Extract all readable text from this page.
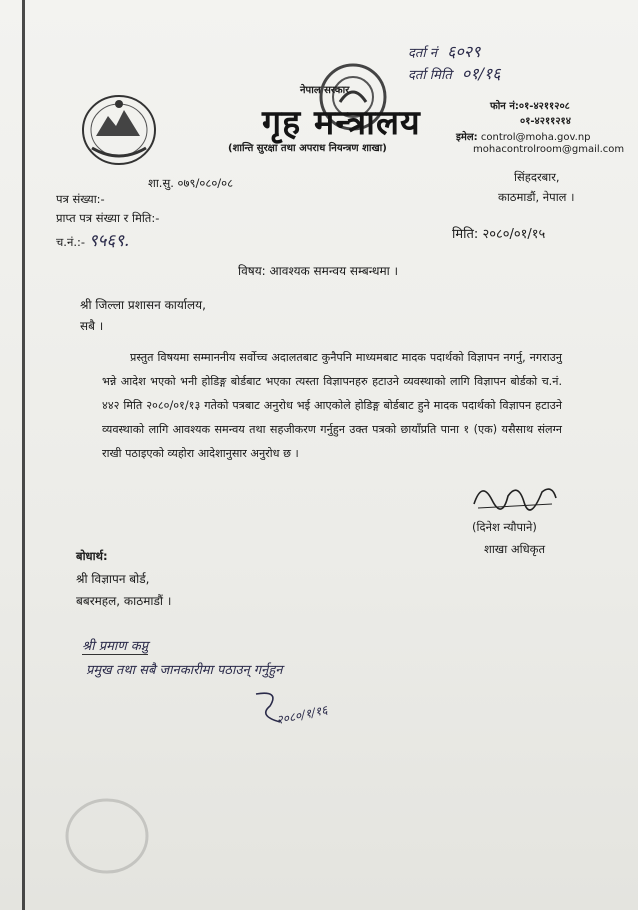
दर्ता नं ६०२९
दर्ता मिति ०१/१६
नेपाल सरकार
गृह मन्त्रालय
(शान्ति सुरक्षा तथा अपराध नियन्त्रण शाखा)
फोन नं:०१-४२११२०८
०१-४२११२१४
इमेल: control@moha.gov.np
mohacontrolroom@gmail.com
शा.सु. ०७९/०८०/०८	सिंहदरबार,
काठमाडौं, नेपाल ।
पत्र संख्या:-
प्राप्त पत्र संख्या र मिति:-
च.नं.:- ९५६९.	मिति: २०८०/०१/१५
विषय: आवश्यक समन्वय सम्बन्धमा ।
श्री जिल्ला प्रशासन कार्यालय,
सबै ।
प्रस्तुत विषयमा सम्माननीय सर्वोच्च अदालतबाट कुनैपनि माध्यमबाट मादक पदार्थको विज्ञापन नगर्नु, नगराउनु भन्ने आदेश भएको भनी होडिङ्ग बोर्डबाट भएका त्यस्ता विज्ञापनहरु हटाउने व्यवस्थाको लागि विज्ञापन बोर्डको च.नं. ४४२ मिति २०८०/०१/१३ गतेको पत्रबाट अनुरोध भई आएकोले होडिङ्ग बोर्डबाट हुने मादक पदार्थको विज्ञापन हटाउने व्यवस्थाको लागि आवश्यक समन्वय तथा सहजीकरण गर्नुहुन उक्त पत्रको छायाँप्रति पाना १ (एक) यसैसाथ संलग्न राखी पठाइएको व्यहोरा आदेशानुसार अनुरोध छ ।
(दिनेश न्यौपाने)
शाखा अधिकृत
बोधार्थ:
श्री विज्ञापन बोर्ड,
बबरमहल, काठमाडौं ।
श्री प्रमाण कप्नु
प्रमुख तथा सबै जानकारीमा पठाउन् गर्नुहुन
२०८०/१/१६
